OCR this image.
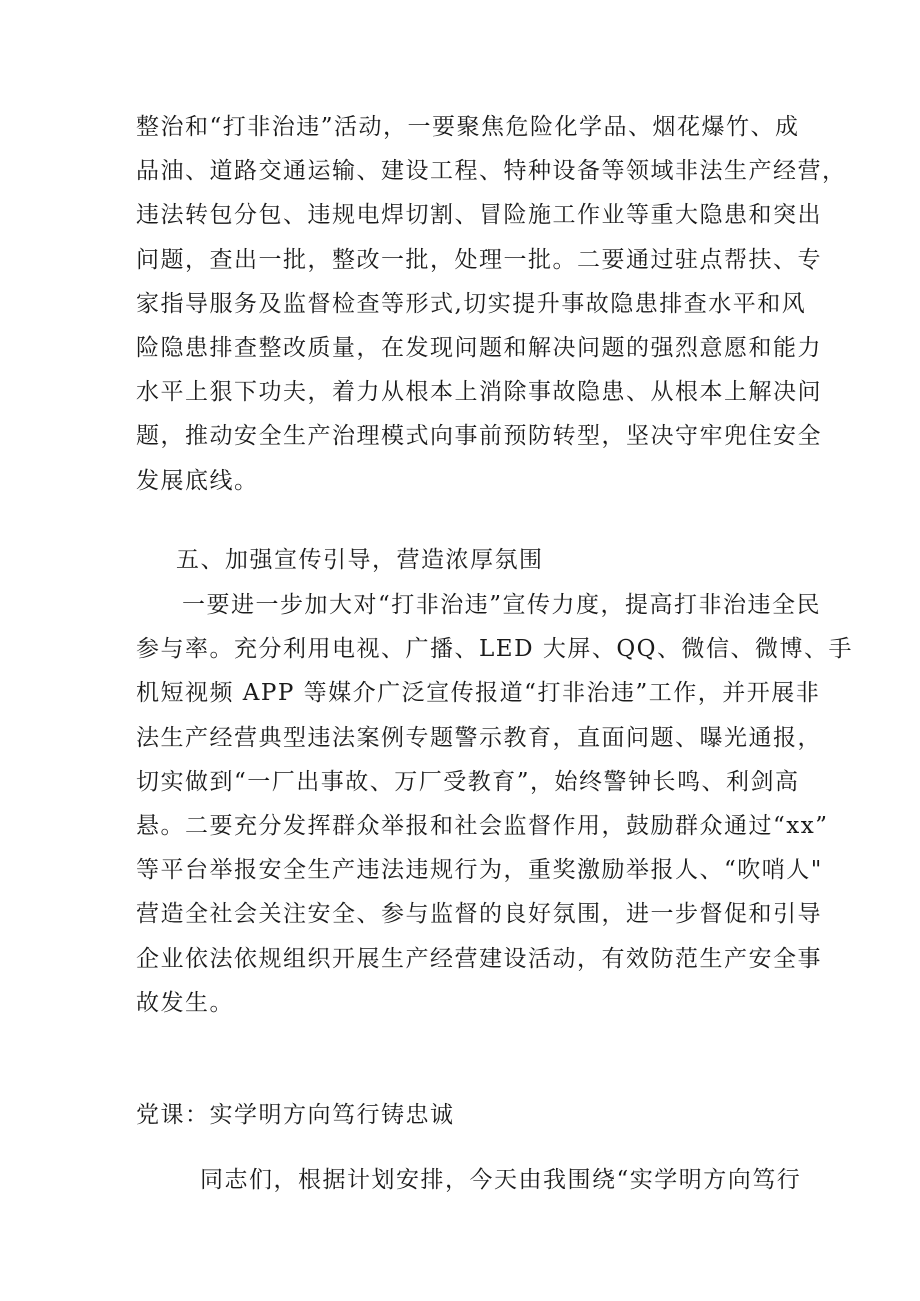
整治和“打非治违”活动，一要聚焦危险化学品、烟花爆竹、成
品油、道路交通运输、建设工程、特种设备等领域非法生产经营，
违法转包分包、违规电焊切割、冒险施工作业等重大隐患和突出
问题，查出一批，整改一批，处理一批。二要通过驻点帮扶、专
家指导服务及监督检查等形式,切实提升事故隐患排查水平和风
险隐患排查整改质量，在发现问题和解决问题的强烈意愿和能力
水平上狠下功夫，着力从根本上消除事故隐患、从根本上解决问
题，推动安全生产治理模式向事前预防转型，坚决守牢兜住安全
发展底线。
五、加强宣传引导，营造浓厚氛围
一要进一步加大对“打非治违”宣传力度，提高打非治违全民
参与率。充分利用电视、广播、LED 大屏、QQ、微信、微博、手
机短视频 APP 等媒介广泛宣传报道“打非治违”工作，并开展非
法生产经营典型违法案例专题警示教育，直面问题、曝光通报，
切实做到“一厂出事故、万厂受教育”，始终警钟长鸣、利剑高
悬。二要充分发挥群众举报和社会监督作用，鼓励群众通过“xx”
等平台举报安全生产违法违规行为，重奖激励举报人、“吹哨人"
营造全社会关注安全、参与监督的良好氛围，进一步督促和引导
企业依法依规组织开展生产经营建设活动，有效防范生产安全事
故发生。
党课：实学明方向笃行铸忠诚
同志们，根据计划安排，今天由我围绕“实学明方向笃行
